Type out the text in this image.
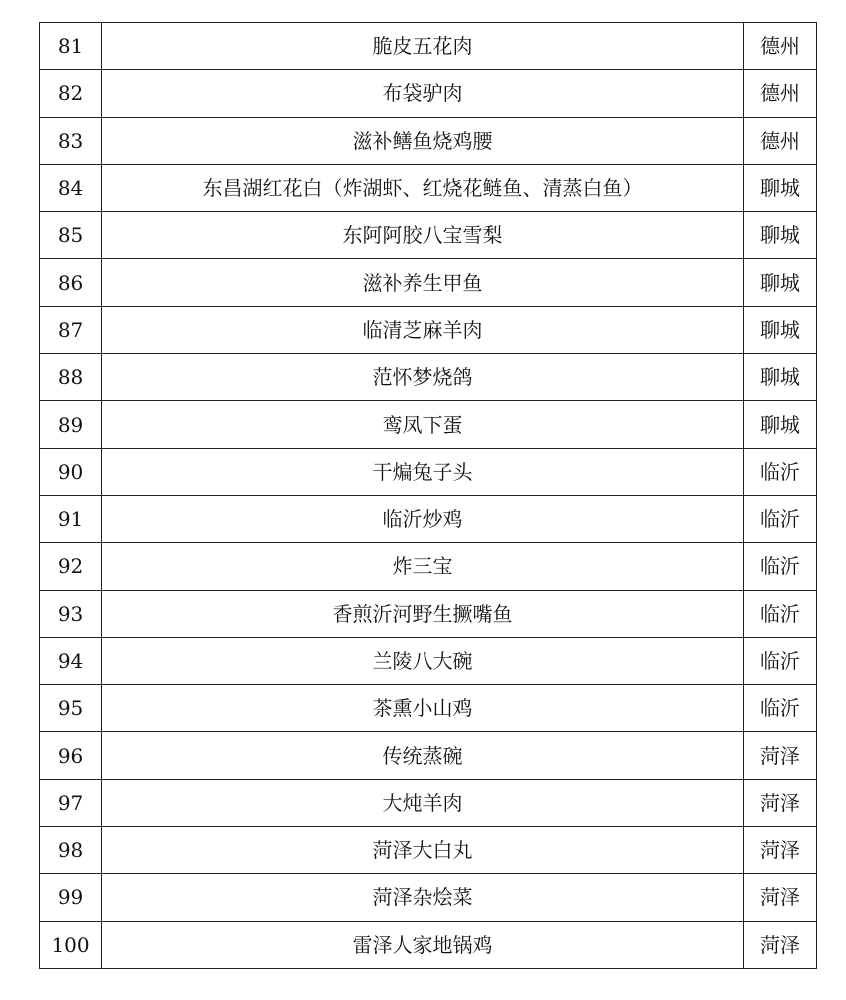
81	脆皮五花肉	德州
82	布袋驴肉	德州
83	滋补鳝鱼烧鸡腰	德州
84	东昌湖红花白（炸湖虾、红烧花鲢鱼、清蒸白鱼）	聊城
85	东阿阿胶八宝雪梨	聊城
86	滋补养生甲鱼	聊城
87	临清芝麻羊肉	聊城
88	范怀梦烧鸽	聊城
89	鸾凤下蛋	聊城
90	干煸兔子头	临沂
91	临沂炒鸡	临沂
92	炸三宝	临沂
93	香煎沂河野生撅嘴鱼	临沂
94	兰陵八大碗	临沂
95	茶熏小山鸡	临沂
96	传统蒸碗	菏泽
97	大炖羊肉	菏泽
98	菏泽大白丸	菏泽
99	菏泽杂烩菜	菏泽
100	雷泽人家地锅鸡	菏泽
